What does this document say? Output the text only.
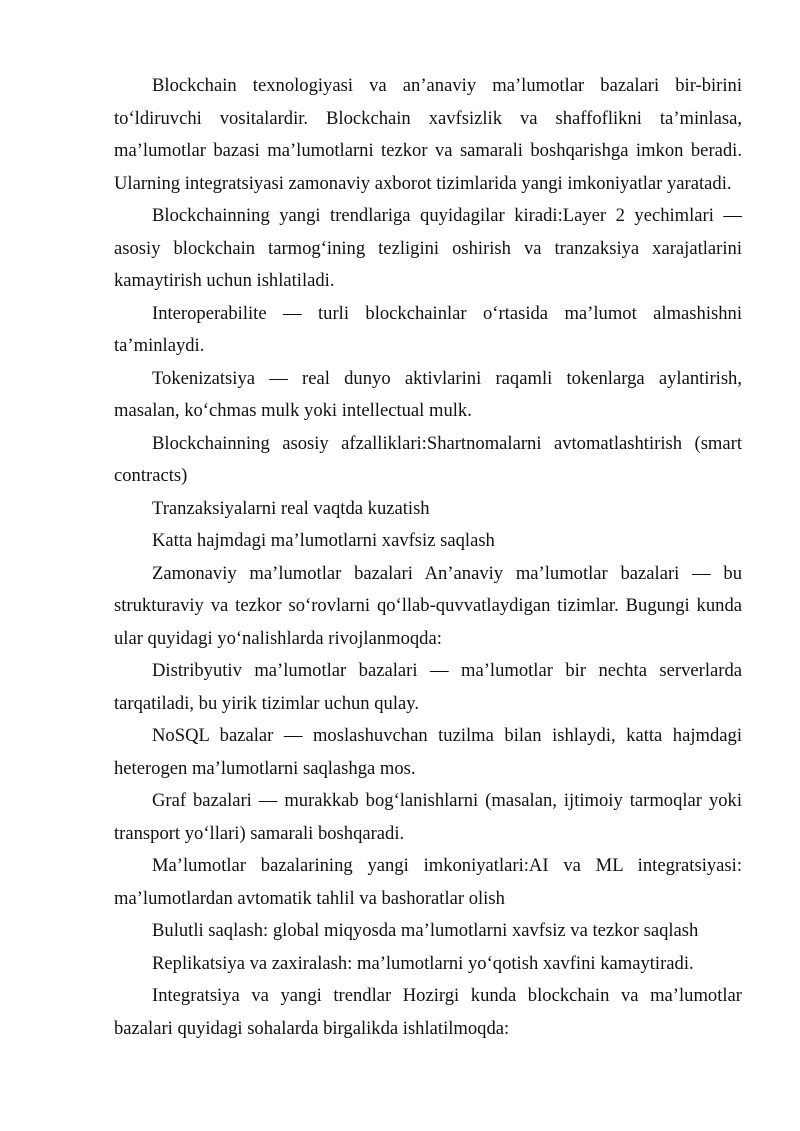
Blockchain texnologiyasi va an’anaviy ma’lumotlar bazalari bir-birini to‘ldiruvchi vositalardir. Blockchain xavfsizlik va shaffoflikni ta’minlasa, ma’lumotlar bazasi ma’lumotlarni tezkor va samarali boshqarishga imkon beradi. Ularning integratsiyasi zamonaviy axborot tizimlarida yangi imkoniyatlar yaratadi.

Blockchainning yangi trendlariga quyidagilar kiradi:Layer 2 yechimlari — asosiy blockchain tarmog‘ining tezligini oshirish va tranzaksiya xarajatlarini kamaytirish uchun ishlatiladi.

Interoperabilite — turli blockchainlar o‘rtasida ma’lumot almashishni ta’minlaydi.

Tokenizatsiya — real dunyo aktivlarini raqamli tokenlarga aylantirish, masalan, ko‘chmas mulk yoki intellectual mulk.

Blockchainning asosiy afzalliklari:Shartnomalarni avtomatlashtirish (smart contracts)

Tranzaksiyalarni real vaqtda kuzatish

Katta hajmdagi ma’lumotlarni xavfsiz saqlash

Zamonaviy ma’lumotlar bazalari An’anaviy ma’lumotlar bazalari — bu strukturaviy va tezkor so‘rovlarni qo‘llab-quvvatlaydigan tizimlar. Bugungi kunda ular quyidagi yo‘nalishlarda rivojlanmoqda:

Distribyutiv ma’lumotlar bazalari — ma’lumotlar bir nechta serverlarda tarqatiladi, bu yirik tizimlar uchun qulay.

NoSQL bazalar — moslashuvchan tuzilma bilan ishlaydi, katta hajmdagi heterogen ma’lumotlarni saqlashga mos.

Graf bazalari — murakkab bog‘lanishlarni (masalan, ijtimoiy tarmoqlar yoki transport yo‘llari) samarali boshqaradi.

Ma’lumotlar bazalarining yangi imkoniyatlari:AI va ML integratsiyasi: ma’lumotlardan avtomatik tahlil va bashoratlar olish

Bulutli saqlash: global miqyosda ma’lumotlarni xavfsiz va tezkor saqlash

Replikatsiya va zaxiralash: ma’lumotlarni yo‘qotish xavfini kamaytiradi.

Integratsiya va yangi trendlar Hozirgi kunda blockchain va ma’lumotlar bazalari quyidagi sohalarda birgalikda ishlatilmoqda:
